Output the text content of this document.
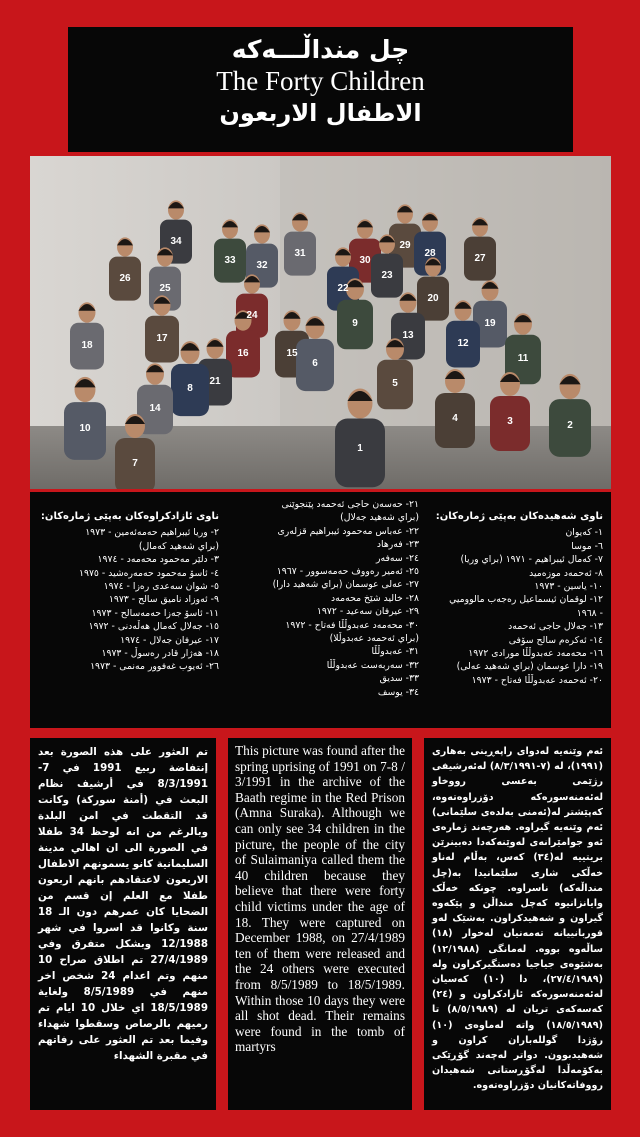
چل منداڵـــەکە
The Forty Children
الاطفال الاربعون
1
2
3
4
5
6
7
8
9
10
11
12
13
14
15
16
17
18
19
20
21
22
23
24
25
26
27
28
29
30
31
32
33
34
ناوی شەهیدەکان بەپێی ژمارەکان:
١- کەیوان
٦- موسا
٧- کەمال ئیبراهیم - ١٩٧١ (براي وريا)
٨- ئەحمەد موزەمید
١٠- یاسین - ١٩٧٣
١٢- لوقمان ئیسماعیل رەجەب مالووميي
- ١٩٦٨
١٣- جەلال حاجی ئەحمەد
١٤- ئەکرەم سالح سۆفی
١٦- محەمەد عەبدوڵڵا مورادی ١٩٧٢
١٩- دارا عوسمان (براي شەهید عەلی)
٢٠- ئەحمەد عەبدوڵڵا فەتاح - ١٩٧٣
٢١- حەسەن حاجی ئەحمەد پێنجوێنی
(براي شەهید جەلال)
٢٢- عەباس مەحمود ئیبراهیم قزلەری
٢٣- فەرهاد
٢٤- سەفەر
٢٥- ئەمیر رەووف حەمەسوور - ١٩٦٧
٢٧- عەلی عوسمان (براي شەهید دارا)
٢٨- خالید شێخ محەمەد
٢٩- عیرفان سەعید - ١٩٧٢
٣٠- محەمەد عەبدوڵڵا فەتاح - ١٩٧٢
(براي ئەحمەد عەبدوڵلا)
٣١- عەبدوڵڵا
٣٢- سەربەست عەبدوڵڵا
٣٣- سدیق
٣٤- یوسف
ناوی ئازادکراوەکان بەپێی ژمارەکان:
٢- وریا ئیبراهیم حەمەئەمین - ١٩٧٣
(براي شەهید کەمال)
٣- دلێر مەحمود محەمەد - ١٩٧٤
٤- ئاسۆ مەحمود حەمەرەشید - ١٩٧٥
٥- شوان سەعدی رەزا - ١٩٧٤
٩- ئەوزاد نامیق سالح - ١٩٧٣
١١- ئاسۆ جەزا حەمەسالح - ١٩٧٣
١٥- جەلال کەمال هەڵەدنی - ١٩٧٢
١٧- عیرفان جەلال - ١٩٧٤
١٨- هەژار قادر رەسوڵ - ١٩٧٣
٢٦- ئەیوب غەفوور مەنمی - ١٩٧٣
تم العثور على هذه الصورة بعد إنتفاضة ربيع 1991 في 7-8/3/1991 في أرشيف نظام البعث في (أمنة سوركة) وكانت قد التقطت في امن البلدة وبالرغم من انه لوحظ 34 طفلا في الصورة الى ان اهالي مدينة السليمانية كانو يسمونهم الاطفال الاربعون لاعتقادهم بانهم اربعون طفلا مع العلم إن قسم من الضحايا كان عمرهم دون الـ 18 سنة وكانوا قد اسروا في شهر 12/1988 وبشكل متفرق وفي 27/4/1989 تم اطلاق صراح 10 منهم وتم اعدام 24 شخص اخر منهم في 8/5/1989 ولغاية 18/5/1989 اي خلال 10 ايام تم رميهم بالرصاص وسقطوا شهداء وفيما بعد تم العثور على رفاتهم في مقبرة الشهداء
This picture was found after the spring uprising of 1991 on 7-8 / 3/1991 in the archive of the Baath regime in the Red Prison (Amna Suraka). Although we can only see 34 children in the picture, the people of the city of Sulaimaniya called them the 40 children because they believe that there were forty child victims under the age of 18. They were captured on December 1988, on 27/4/1989 ten of them were released and the 24 others were executed from 8/5/1989 to 18/5/1989. Within those 10 days they were all shot dead. Their remains were found in the tomb of martyrs
ئەم وێنەیە لەدوای راپەڕینی بەهاری (١٩٩١)، لە (٧-٨/٣/١٩٩١) لەئەرشیفی رژێمی بەعسی رووخاو لەئەمنەسورەکە دۆزراوەتەوە، کەپێشتر لە(ئەمنی بەلدەی سلێمانی) ئەم وێنەیە گیراوە. هەرچەند ژمارەی ئەو جوامێرانەی لەوێنەکەدا دەبینرێن بریتییە لە(٣٤) کەس، بەڵام لەناو خەڵکی شاری سلێمانیدا بە(چل منداڵەکە) ناسراوە. چونکە خەڵک وایانزانیوە کەچل منداڵن و پێکەوە گیراون و شەهیدکراون. بەشێک لەو قوربانییانە تەمەنیان لەخوار (١٨) ساڵەوە بووە. لەمانگی (١٢/١٩٨٨) بەشێوەی جیاجیا دەستگیرکراون ولە (٢٧/٤/١٩٨٩)، دا (١٠) کەسیان لەئەمنەسورەکە ئازادکراون و (٢٤) کەسەکەی تریان لە (٨/٥/١٩٨٩) تا (١٨/٥/١٩٨٩) واتە لەماوەی (١٠) رۆژدا گوللەباران کراون و شەهیدبوون. دواتر لەچەند گۆڕێکی بەکۆمەڵدا لەگۆڕستانی شەهیدان رووفاتەکانیان دۆزراوەتەوە.
